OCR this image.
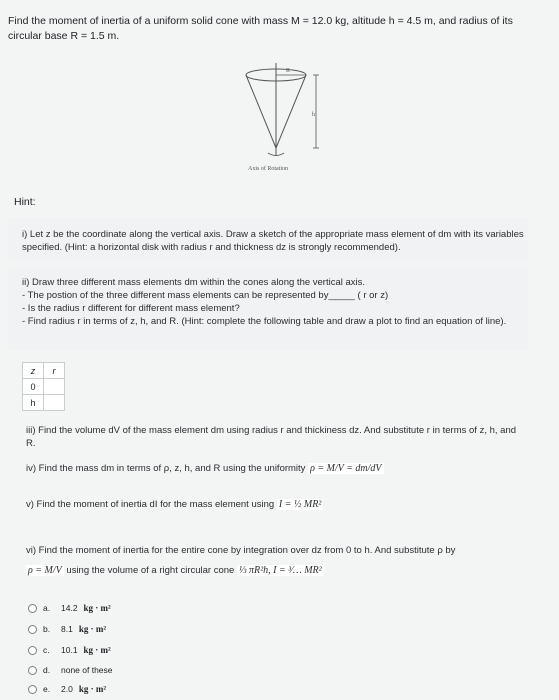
Find the moment of inertia of a uniform solid cone with mass M = 12.0 kg, altitude h = 4.5 m, and radius of its circular base R = 1.5 m.
R
h
Axis of Rotation
Hint:
i) Let z be the coordinate along the vertical axis. Draw a sketch of the appropriate mass element of dm with its variables specified. (Hint: a horizontal disk with radius r and thickness dz is strongly recommended).
ii) Draw three different mass elements dm within the cones along the vertical axis.
- The postion of the three different mass elements can be represented by_____ ( r or z)
- Is the radius r different for different mass element?
- Find radius r in terms of z, h, and R. (Hint: complete the following table and draw a plot to find an equation of line).
z	r
0	
h	
iii) Find the volume dV of the mass element dm using radius r and thickiness dz. And substitute r in terms of z, h, and R.
iv) Find the mass dm in terms of ρ, z, h, and R using the uniformity ρ = M/V = dm/dV
v) Find the moment of inertia dI for the mass element using I = ½ MR²
vi) Find the moment of inertia for the entire cone by integration over dz from 0 to h. And substitute ρ by
ρ = M/V using the volume of a right circular cone ⅓ πR²h, I = ³⁄… MR²
a.	14.2 kg · m²
b.	8.1 kg · m²
c.	10.1 kg · m²
d.	none of these
e.	2.0 kg · m²
